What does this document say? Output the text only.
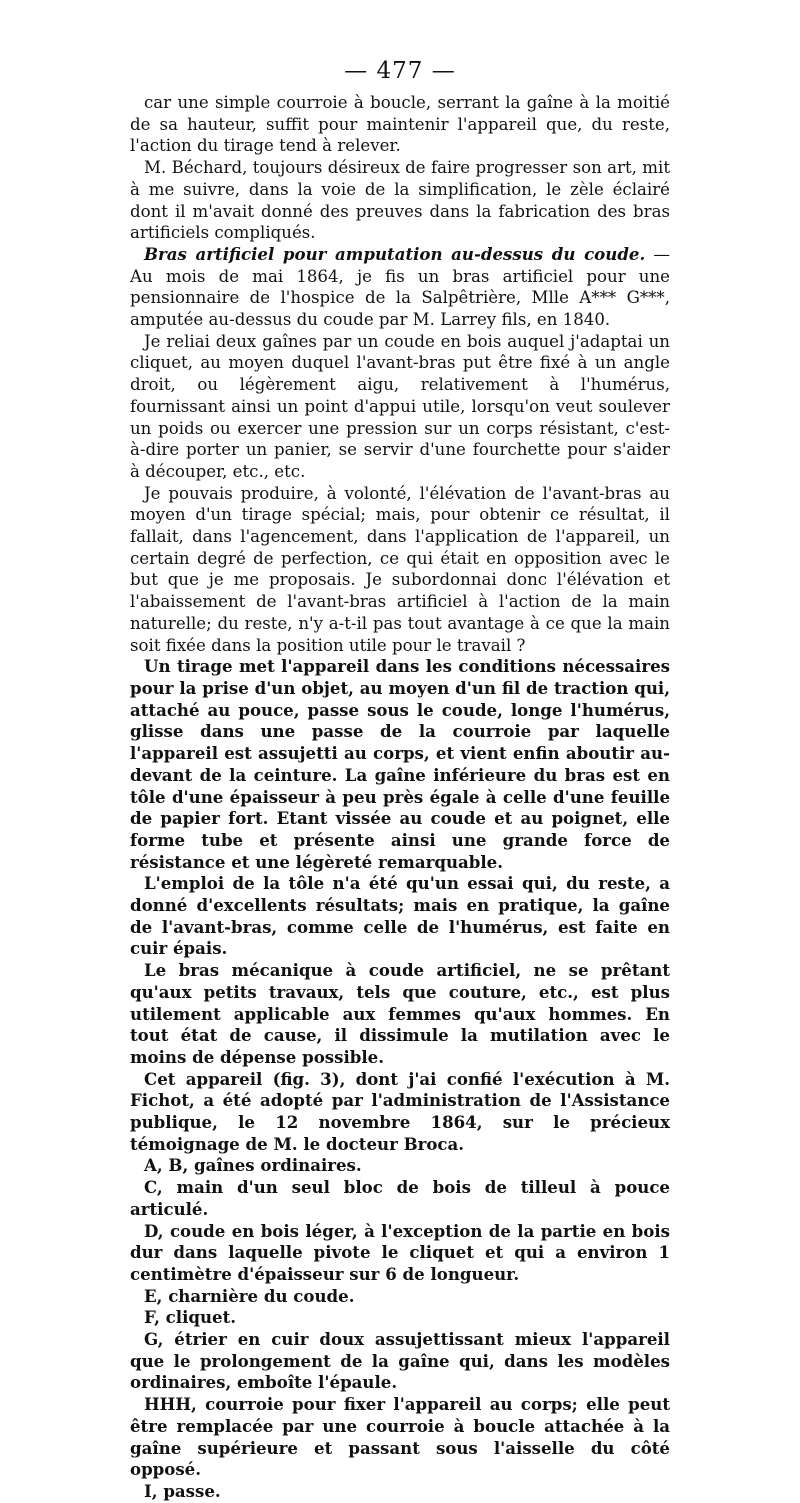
— 477 —

car une simple courroie à boucle, serrant la gaîne à la moitié de sa hauteur, suffit pour maintenir l'appareil que, du reste, l'action du tirage tend à relever.

M. Béchard, toujours désireux de faire progresser son art, mit à me suivre, dans la voie de la simplification, le zèle éclairé dont il m'avait donné des preuves dans la fabrication des bras artificiels compliqués.

Bras artificiel pour amputation au-dessus du coude. — Au mois de mai 1864, je fis un bras artificiel pour une pensionnaire de l'hospice de la Salpêtrière, Mlle A*** G***, amputée au-dessus du coude par M. Larrey fils, en 1840.

Je reliai deux gaînes par un coude en bois auquel j'adaptai un cliquet, au moyen duquel l'avant-bras put être fixé à un angle droit, ou légèrement aigu, relativement à l'humérus, fournissant ainsi un point d'appui utile, lorsqu'on veut soulever un poids ou exercer une pression sur un corps résistant, c'est-à-dire porter un panier, se servir d'une fourchette pour s'aider à découper, etc., etc.

Je pouvais produire, à volonté, l'élévation de l'avant-bras au moyen d'un tirage spécial; mais, pour obtenir ce résultat, il fallait, dans l'agencement, dans l'application de l'appareil, un certain degré de perfection, ce qui était en opposition avec le but que je me proposais. Je subordonnai donc l'élévation et l'abaissement de l'avant-bras artificiel à l'action de la main naturelle; du reste, n'y a-t-il pas tout avantage à ce que la main soit fixée dans la position utile pour le travail ?

Un tirage met l'appareil dans les conditions nécessaires pour la prise d'un objet, au moyen d'un fil de traction qui, attaché au pouce, passe sous le coude, longe l'humérus, glisse dans une passe de la courroie par laquelle l'appareil est assujetti au corps, et vient enfin aboutir au-devant de la ceinture. La gaîne inférieure du bras est en tôle d'une épaisseur à peu près égale à celle d'une feuille de papier fort. Etant vissée au coude et au poignet, elle forme tube et présente ainsi une grande force de résistance et une légèreté remarquable.

L'emploi de la tôle n'a été qu'un essai qui, du reste, a donné d'excellents résultats; mais en pratique, la gaîne de l'avant-bras, comme celle de l'humérus, est faite en cuir épais.

Le bras mécanique à coude artificiel, ne se prêtant qu'aux petits travaux, tels que couture, etc., est plus utilement applicable aux femmes qu'aux hommes. En tout état de cause, il dissimule la mutilation avec le moins de dépense possible.

Cet appareil (fig. 3), dont j'ai confié l'exécution à M. Fichot, a été adopté par l'administration de l'Assistance publique, le 12 novembre 1864, sur le précieux témoignage de M. le docteur Broca.

A, B, gaînes ordinaires.

C, main d'un seul bloc de bois de tilleul à pouce articulé.

D, coude en bois léger, à l'exception de la partie en bois dur dans laquelle pivote le cliquet et qui a environ 1 centimètre d'épaisseur sur 6 de longueur.

E, charnière du coude.

F, cliquet.

G, étrier en cuir doux assujettissant mieux l'appareil que le prolongement de la gaîne qui, dans les modèles ordinaires, emboîte l'épaule.

HHH, courroie pour fixer l'appareil au corps; elle peut être remplacée par une courroie à boucle attachée à la gaîne supérieure et passant sous l'aisselle du côté opposé.

I, passe.
